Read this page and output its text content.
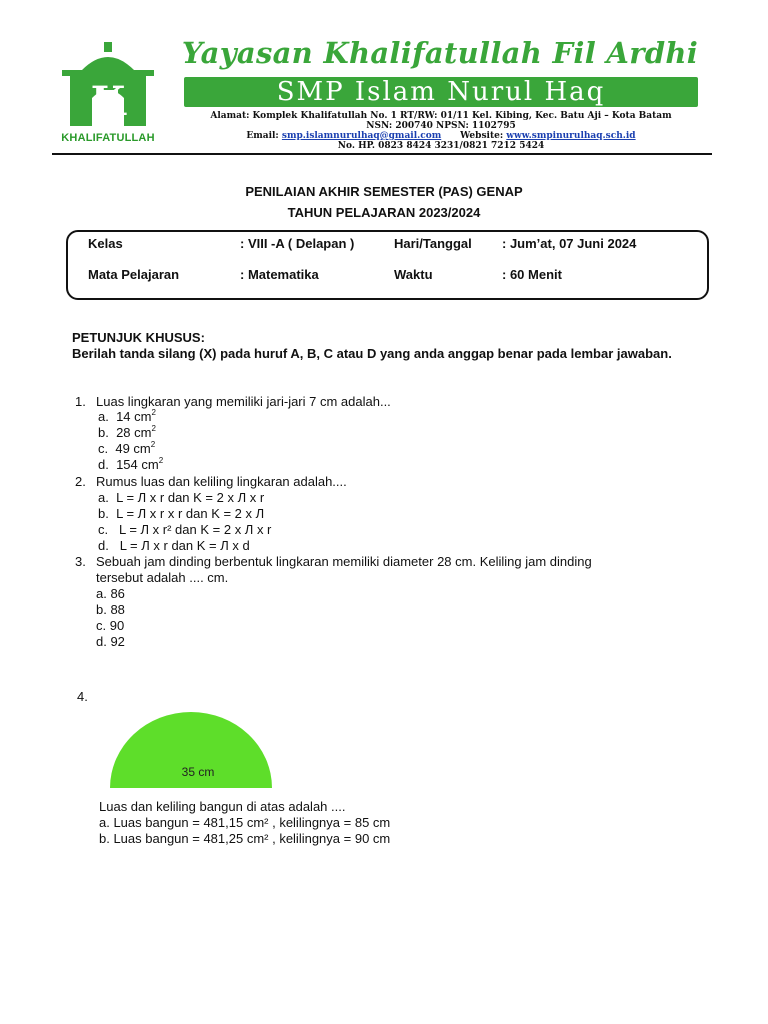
K
KHALIFATULLAH
Yayasan Khalifatullah Fil Ardhi
SMP Islam Nurul Haq
Alamat: Komplek Khalifatullah No. 1 RT/RW: 01/11 Kel. Kibing, Kec. Batu Aji – Kota Batam
NSN: 200740 NPSN: 1102795
Email: smp.islamnurulhaq@gmail.com Website: www.smpinurulhaq.sch.id
No. HP. 0823 8424 3231/0821 7212 5424
PENILAIAN AKHIR SEMESTER (PAS) GENAP
TAHUN PELAJARAN 2023/2024
Kelas	: VIII -A ( Delapan )	Hari/Tanggal : Jum’at, 07 Juni 2024
Mata Pelajaran	: Matematika	Waktu	: 60 Menit
PETUNJUK KHUSUS:
Berilah tanda silang (X) pada huruf A, B, C atau D yang anda anggap benar pada lembar jawaban.
1. Luas lingkaran yang memiliki jari-jari 7 cm adalah...
a. 14 $cm^2$
b. 28 $cm^2$
c. 49 $cm^2$
d. 154 $cm^2$
2. Rumus luas dan keliling lingkaran adalah....
a. L = Л x r dan K = 2 x Л x r
b. L = Л x r x r dan K = 2 x Л
c.   L = Л x r² dan K = 2 x Л x r
d.   L = Л x r dan K = Л x d
3. Sebuah jam dinding berbentuk lingkaran memiliki diameter 28 cm. Keliling jam dinding
tersebut adalah .... cm.
a. 86
b. 88
c. 90
d. 92
4.
35 cm
Luas dan keliling bangun di atas adalah ....
a. Luas bangun = 481,15 cm² , kelilingnya = 85 cm
b. Luas bangun = 481,25 cm² , kelilingnya = 90 cm
